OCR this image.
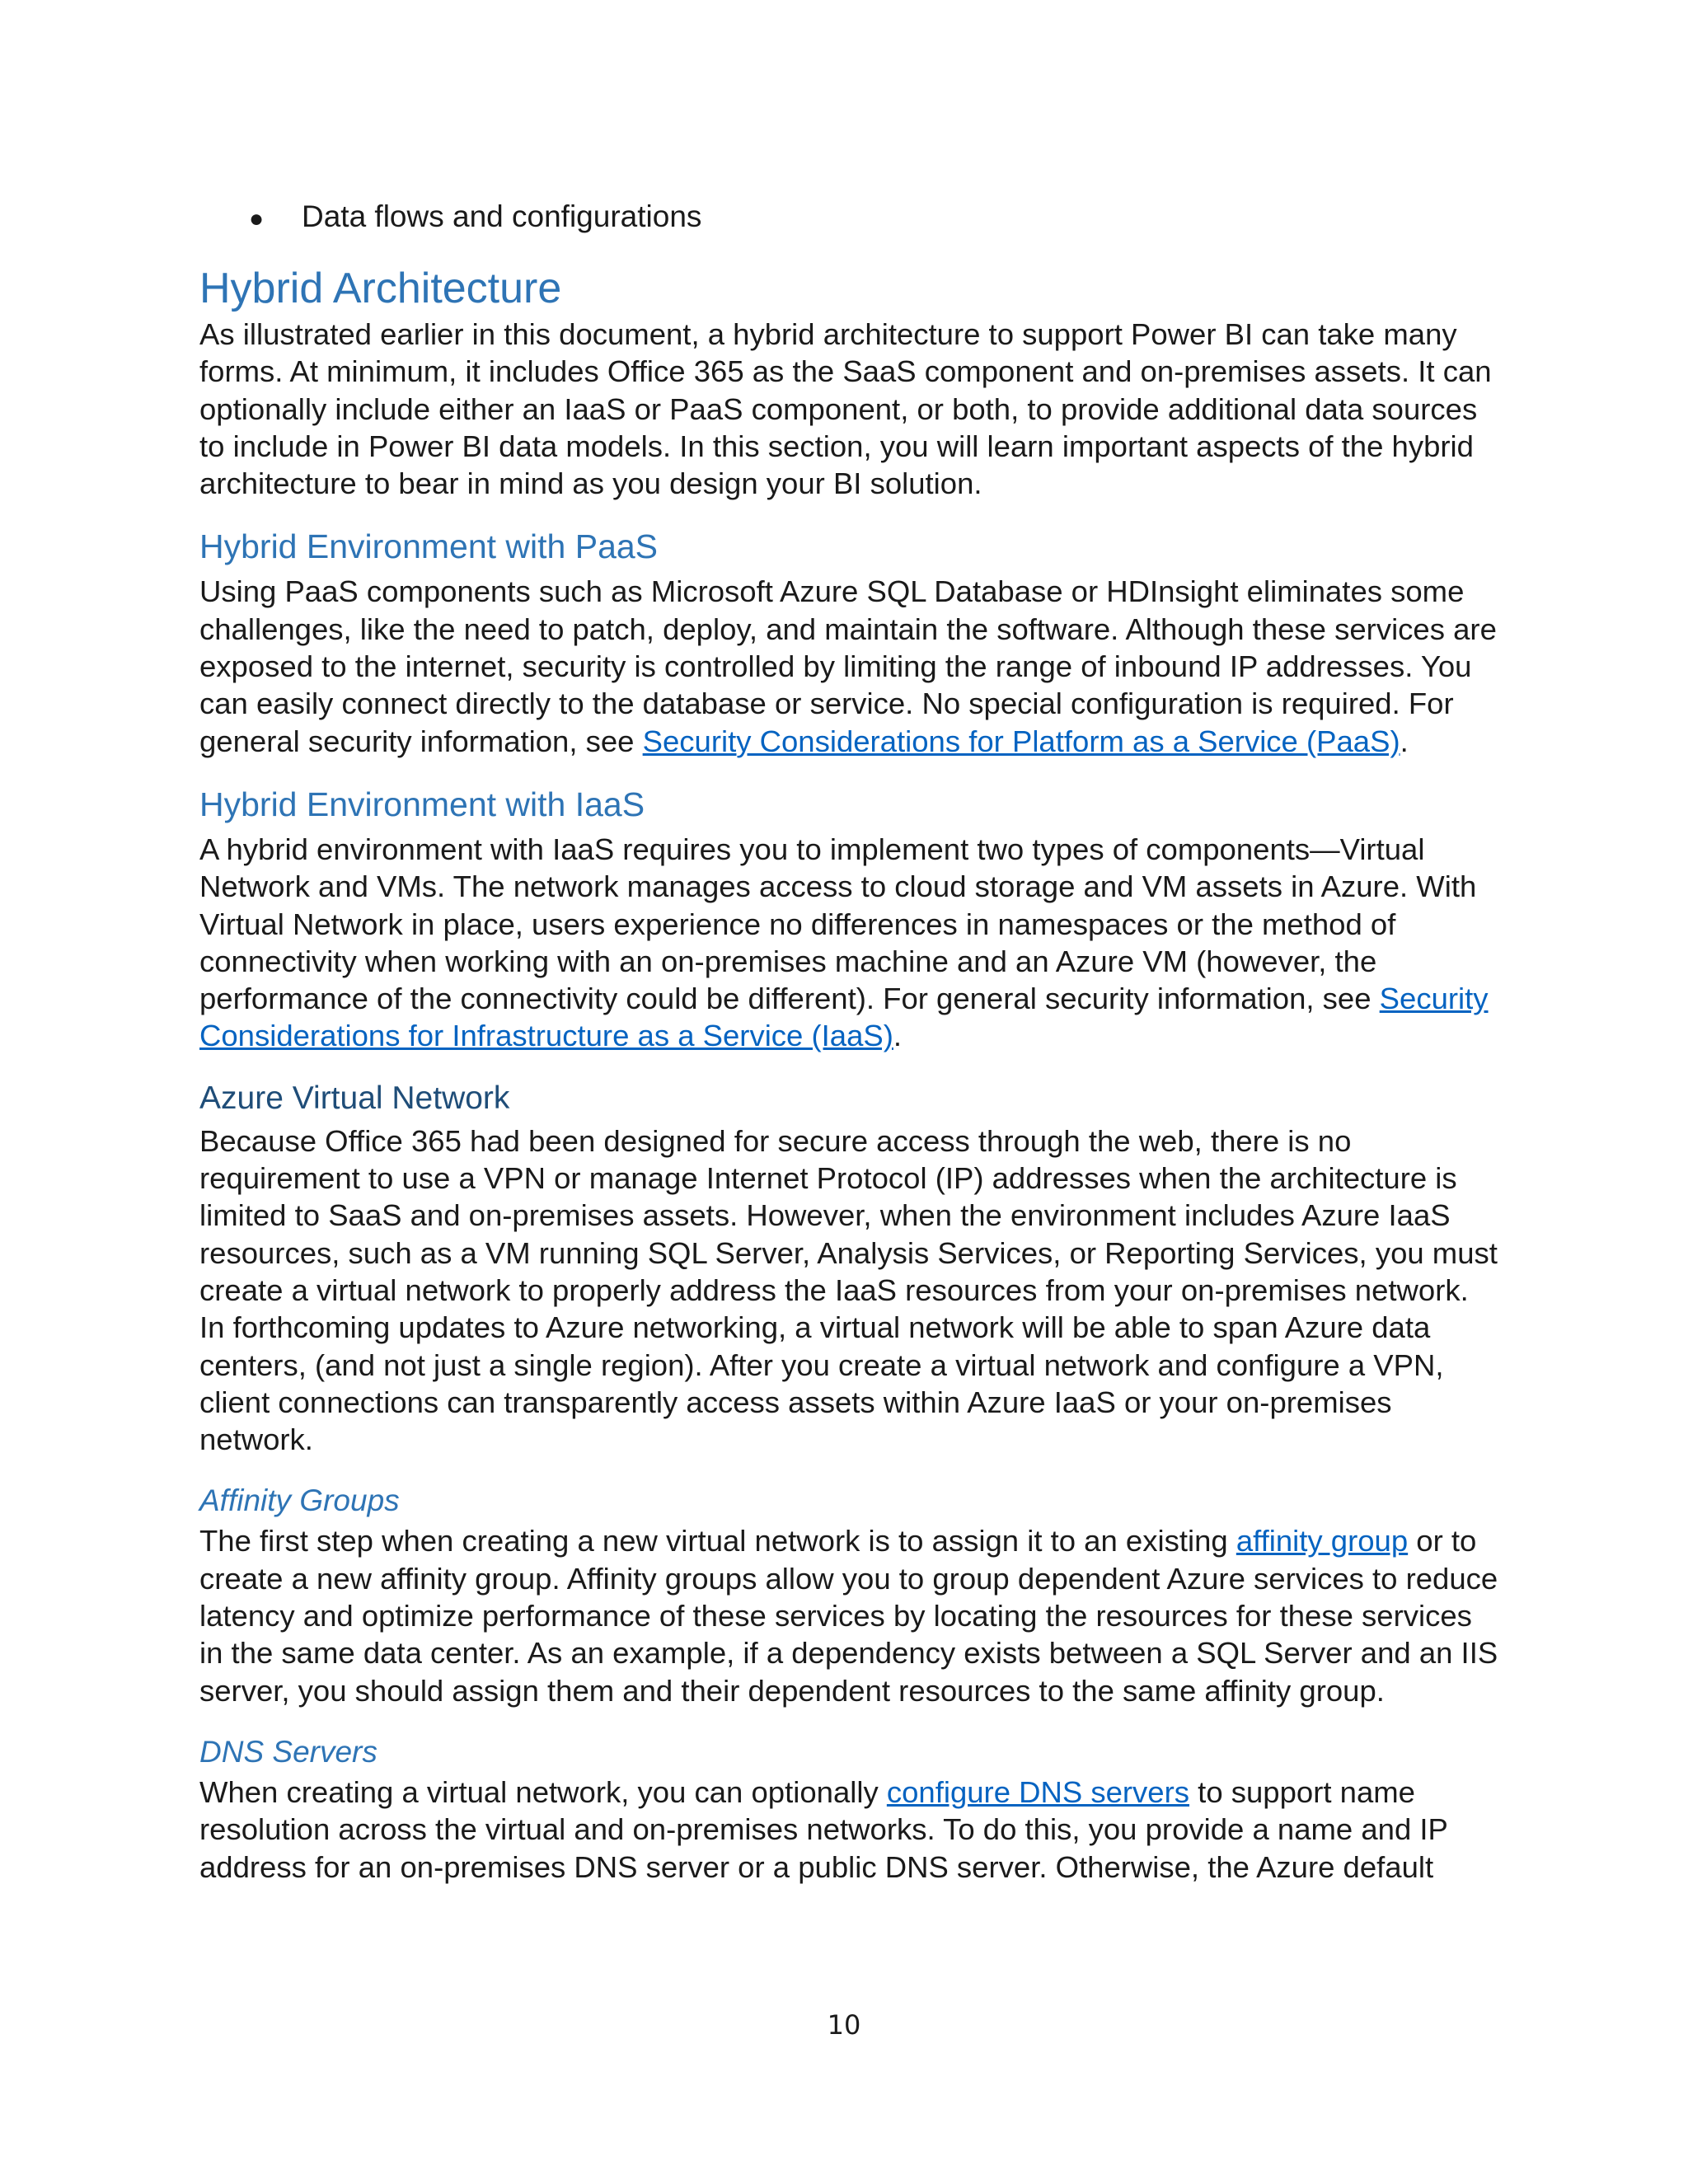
●	Data flows and configurations
Hybrid Architecture

As illustrated earlier in this document, a hybrid architecture to support Power BI can take many forms. At minimum, it includes Office 365 as the SaaS component and on-premises assets. It can optionally include either an IaaS or PaaS component, or both, to provide additional data sources to include in Power BI data models. In this section, you will learn important aspects of the hybrid architecture to bear in mind as you design your BI solution.

Hybrid Environment with PaaS

Using PaaS components such as Microsoft Azure SQL Database or HDInsight eliminates some challenges, like the need to patch, deploy, and maintain the software. Although these services are exposed to the internet, security is controlled by limiting the range of inbound IP addresses. You can easily connect directly to the database or service. No special configuration is required. For general security information, see Security Considerations for Platform as a Service (PaaS).

Hybrid Environment with IaaS

A hybrid environment with IaaS requires you to implement two types of components—Virtual Network and VMs. The network manages access to cloud storage and VM assets in Azure. With Virtual Network in place, users experience no differences in namespaces or the method of connectivity when working with an on-premises machine and an Azure VM (however, the performance of the connectivity could be different). For general security information, see Security Considerations for Infrastructure as a Service (IaaS).

Azure Virtual Network

Because Office 365 had been designed for secure access through the web, there is no requirement to use a VPN or manage Internet Protocol (IP) addresses when the architecture is limited to SaaS and on-premises assets. However, when the environment includes Azure IaaS resources, such as a VM running SQL Server, Analysis Services, or Reporting Services, you must create a virtual network to properly address the IaaS resources from your on-premises network. In forthcoming updates to Azure networking, a virtual network will be able to span Azure data centers, (and not just a single region). After you create a virtual network and configure a VPN, client connections can transparently access assets within Azure IaaS or your on-premises network.

Affinity Groups

The first step when creating a new virtual network is to assign it to an existing affinity group or to create a new affinity group. Affinity groups allow you to group dependent Azure services to reduce latency and optimize performance of these services by locating the resources for these services in the same data center. As an example, if a dependency exists between a SQL Server and an IIS server, you should assign them and their dependent resources to the same affinity group.

DNS Servers

When creating a virtual network, you can optionally configure DNS servers to support name resolution across the virtual and on-premises networks. To do this, you provide a name and IP address for an on-premises DNS server or a public DNS server. Otherwise, the Azure default

10
